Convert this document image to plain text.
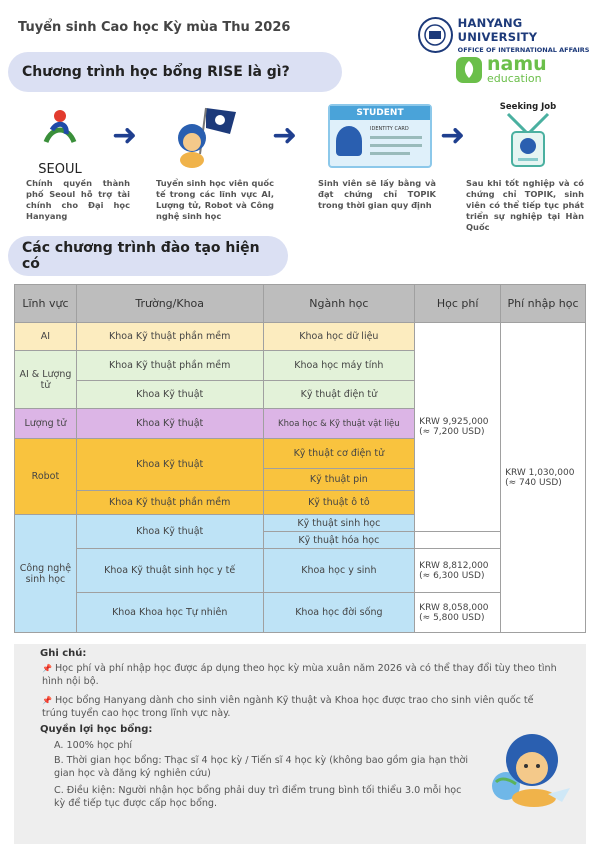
Tuyển sinh Cao học Kỳ mùa Thu 2026	HANYANG UNIVERSITY
OFFICE OF INTERNATIONAL AFFAIRS
namu
education
Chương trình học bổng RISE là gì?
SEOUL
➜	➜
STUDENT
IDENTITY CARD ➜
Seeking Job
Chính quyền thành phố Seoul hỗ trợ tài chính cho Đại học Hanyang
Tuyển sinh học viên quốc tế trong các lĩnh vực AI, Lượng tử, Robot và Công nghệ sinh học
Sinh viên sẽ lấy bằng và đạt chứng chỉ TOPIK trong thời gian quy định
Sau khi tốt nghiệp và có chứng chỉ TOPIK, sinh viên có thể tiếp tục phát triển sự nghiệp tại Hàn Quốc
Các chương trình đào tạo hiện có
Lĩnh vực	Trường/Khoa	Ngành học	Học phí	Phí nhập học
AI	Khoa Kỹ thuật phần mềm	Khoa học dữ liệu	KRW 9,925,000 (≈ 7,200 USD)	KRW 1,030,000 (≈ 740 USD)
AI & Lượng tử	Khoa Kỹ thuật phần mềm	Khoa học máy tính		
	Khoa Kỹ thuật	Kỹ thuật điện tử		
Lượng tử	Khoa Kỹ thuật	Khoa học & Kỹ thuật vật liệu		
Robot	Khoa Kỹ thuật	Kỹ thuật cơ điện tử		
		Kỹ thuật pin		
	Khoa Kỹ thuật phần mềm	Kỹ thuật ô tô		
Công nghệ sinh học	Khoa Kỹ thuật	Kỹ thuật sinh học		
		Kỹ thuật hóa học		
	Khoa Kỹ thuật sinh học y tế	Khoa học y sinh	KRW 8,812,000 (≈ 6,300 USD)	
	Khoa Khoa học Tự nhiên	Khoa học đời sống	KRW 8,058,000 (≈ 5,800 USD)	
Ghi chú:
📌 Học phí và phí nhập học được áp dụng theo học kỳ mùa xuân năm 2026 và có thể thay đổi tùy theo tình hình nội bộ.
📌 Học bổng Hanyang dành cho sinh viên ngành Kỹ thuật và Khoa học được trao cho sinh viên quốc tế trúng tuyển cao học trong lĩnh vực này.
Quyền lợi học bổng:
A. 100% học phí
B. Thời gian học bổng: Thạc sĩ 4 học kỳ / Tiến sĩ 4 học kỳ (không bao gồm gia hạn thời gian học và đăng ký nghiên cứu)
C. Điều kiện: Người nhận học bổng phải duy trì điểm trung bình tối thiểu 3.0 mỗi học kỳ để tiếp tục được cấp học bổng.
